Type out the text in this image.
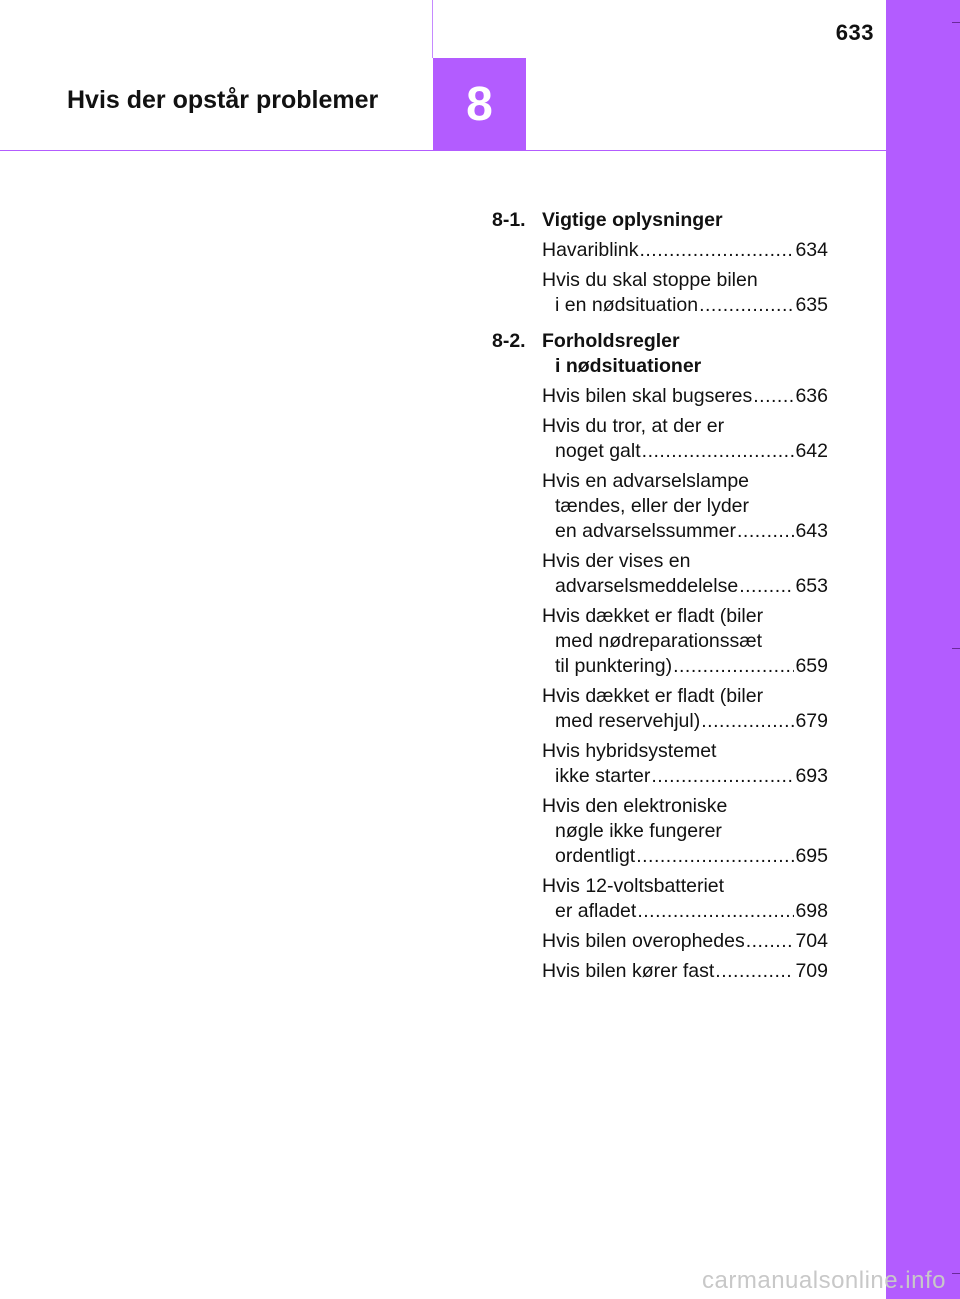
633
Hvis der opstår problemer 8
8-1. Vigtige oplysninger
Havariblink .....	634
Hvis du skal stoppe bilen
i en nødsituation .....	635
8-2. Forholdsregler
i nødsituationer
Hvis bilen skal bugseres ..... 636
Hvis du tror, at der er
noget galt .....	642
Hvis en advarselslampe
tændes, eller der lyder
en advarselssummer .....	643
Hvis der vises en
advarselsmeddelelse .....	653
Hvis dækket er fladt (biler
med nødreparationssæt
til punktering) .....	659
Hvis dækket er fladt (biler
med reservehjul) .....	679
Hvis hybridsystemet
ikke starter .....	693
Hvis den elektroniske
nøgle ikke fungerer
ordentligt .....	695
Hvis 12-voltsbatteriet
er afladet .....	698
Hvis bilen overophedes .....	704
Hvis bilen kører fast .....	709
carmanualsonline.info
